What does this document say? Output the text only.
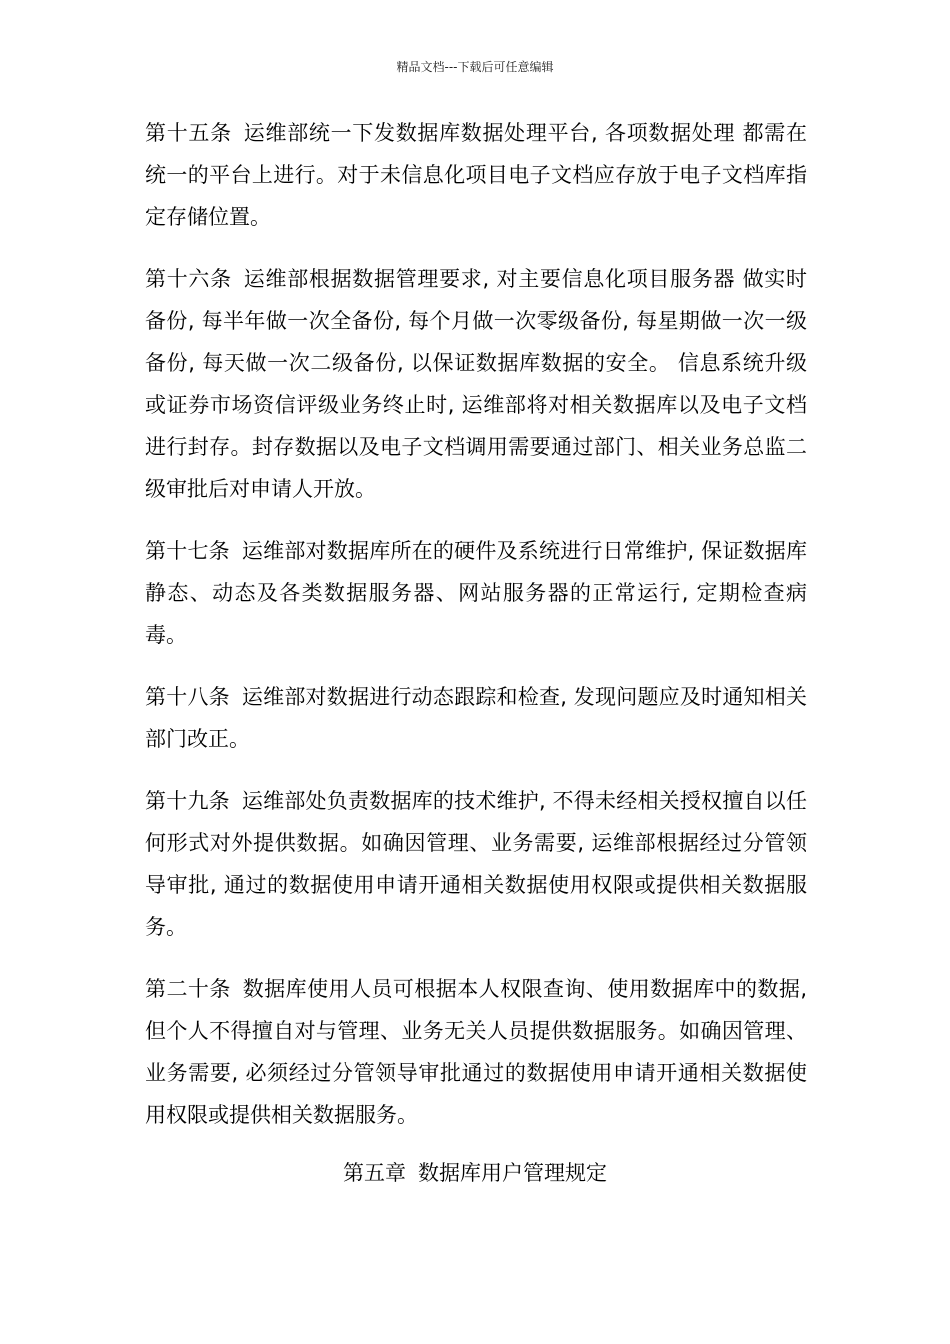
精品文档---下载后可任意编辑

第十五条 运维部统一下发数据库数据处理平台, 各项数据处理 都需在统一的平台上进行。对于未信息化项目电子文档应存放于电子文档库指定存储位置。

第十六条 运维部根据数据管理要求, 对主要信息化项目服务器 做实时备份, 每半年做一次全备份, 每个月做一次零级备份, 每星期做一次一级备份, 每天做一次二级备份, 以保证数据库数据的安全。 信息系统升级或证券市场资信评级业务终止时, 运维部将对相关数据库以及电子文档进行封存。封存数据以及电子文档调用需要通过部门、相关业务总监二级审批后对申请人开放。

第十七条 运维部对数据库所在的硬件及系统进行日常维护, 保证数据库静态、动态及各类数据服务器、网站服务器的正常运行, 定期检查病毒。

第十八条 运维部对数据进行动态跟踪和检查, 发现问题应及时通知相关部门改正。

第十九条 运维部处负责数据库的技术维护, 不得未经相关授权擅自以任何形式对外提供数据。如确因管理、业务需要, 运维部根据经过分管领导审批, 通过的数据使用申请开通相关数据使用权限或提供相关数据服务。

第二十条 数据库使用人员可根据本人权限查询、使用数据库中的数据, 但个人不得擅自对与管理、业务无关人员提供数据服务。如确因管理、业务需要, 必须经过分管领导审批通过的数据使用申请开通相关数据使用权限或提供相关数据服务。

第五章 数据库用户管理规定
